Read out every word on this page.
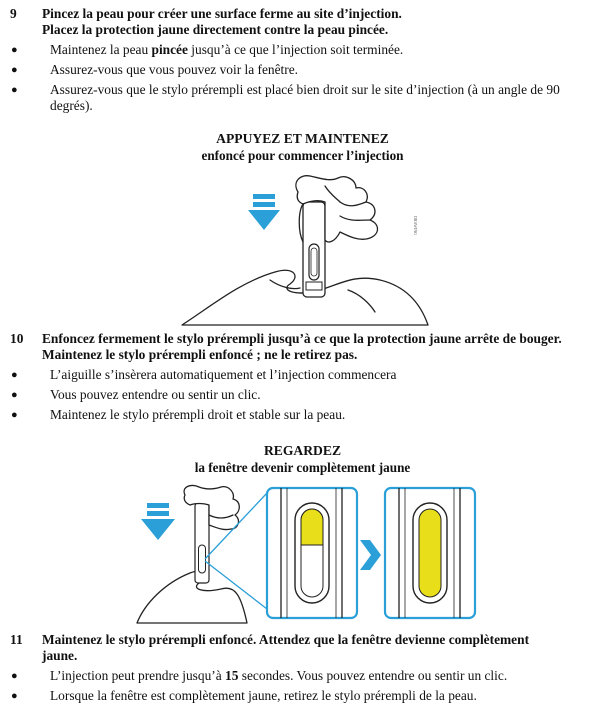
9	Pincez la peau pour créer une surface ferme au site d’injection.
Placez la protection jaune directement contre la peau pincée.
● Maintenez la peau pincée jusqu’à ce que l’injection soit terminée.
● Assurez-vous que vous pouvez voir la fenêtre.
● Assurez-vous que le stylo prérempli est placé bien droit sur le site d’injection (à un angle de 90 degrés).
APPUYEZ ET MAINTENEZ
enfoncé pour commencer l’injection
DRAWING
10	Enfoncez fermement le stylo prérempli jusqu’à ce que la protection jaune arrête de bouger.
Maintenez le stylo prérempli enfoncé ; ne le retirez pas.
● L’aiguille s’insèrera automatiquement et l’injection commencera
● Vous pouvez entendre ou sentir un clic.
● Maintenez le stylo prérempli droit et stable sur la peau.
REGARDEZ
la fenêtre devenir complètement jaune
11	Maintenez le stylo prérempli enfoncé. Attendez que la fenêtre devienne complètement jaune.
● L’injection peut prendre jusqu’à 15 secondes. Vous pouvez entendre ou sentir un clic.
● Lorsque la fenêtre est complètement jaune, retirez le stylo prérempli de la peau.
